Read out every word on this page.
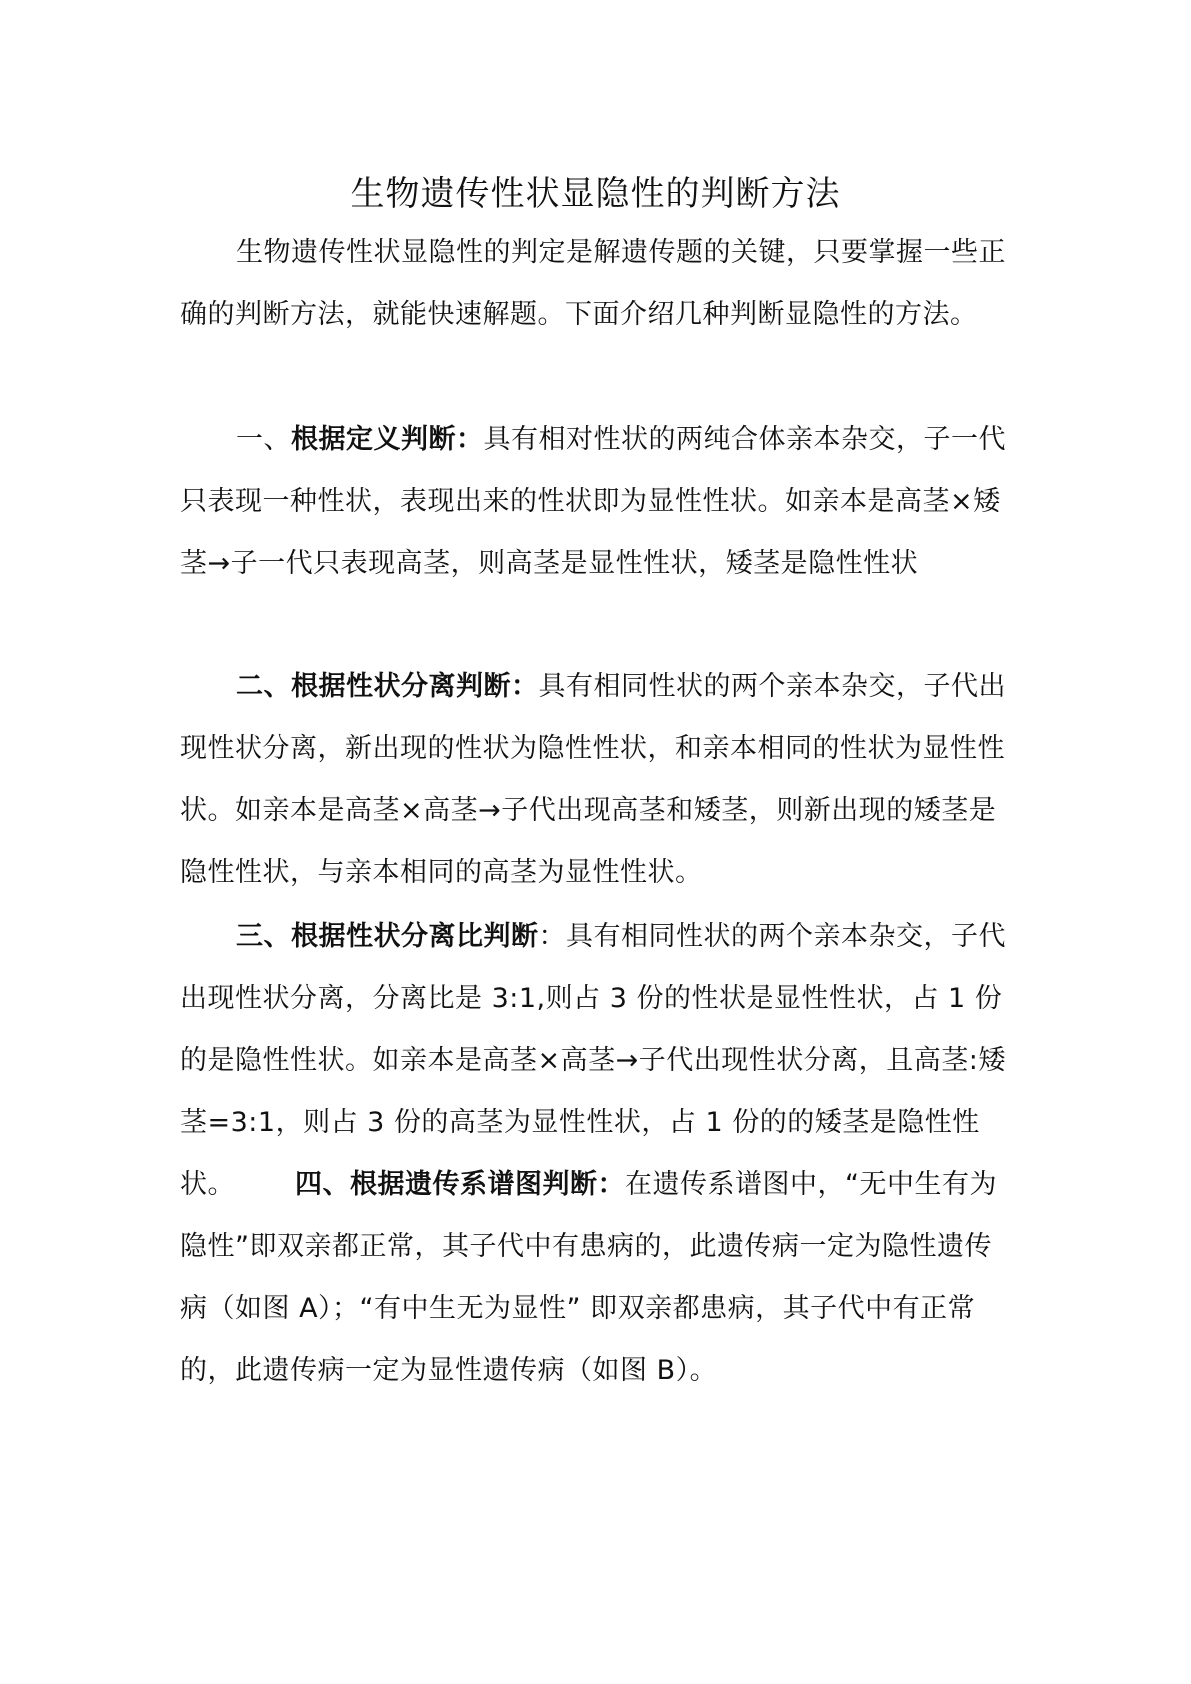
生物遗传性状显隐性的判断方法

生物遗传性状显隐性的判定是解遗传题的关键，只要掌握一些正确的判断方法，就能快速解题。下面介绍几种判断显隐性的方法。

一、根据定义判断：具有相对性状的两纯合体亲本杂交，子一代只表现一种性状，表现出来的性状即为显性性状。如亲本是高茎×矮茎→子一代只表现高茎，则高茎是显性性状，矮茎是隐性性状

二、根据性状分离判断：具有相同性状的两个亲本杂交，子代出现性状分离，新出现的性状为隐性性状，和亲本相同的性状为显性性状。如亲本是高茎×高茎→子代出现高茎和矮茎，则新出现的矮茎是隐性性状，与亲本相同的高茎为显性性状。

三、根据性状分离比判断：具有相同性状的两个亲本杂交，子代出现性状分离，分离比是 3:1,则占 3 份的性状是显性性状，占 1 份的是隐性性状。如亲本是高茎×高茎→子代出现性状分离，且高茎:矮茎=3:1，则占 3 份的高茎为显性性状，占 1 份的的矮茎是隐性性状。 四、根据遗传系谱图判断：在遗传系谱图中，“无中生有为隐性”即双亲都正常，其子代中有患病的，此遗传病一定为隐性遗传病（如图 A）；“有中生无为显性” 即双亲都患病，其子代中有正常的，此遗传病一定为显性遗传病（如图 B）。
